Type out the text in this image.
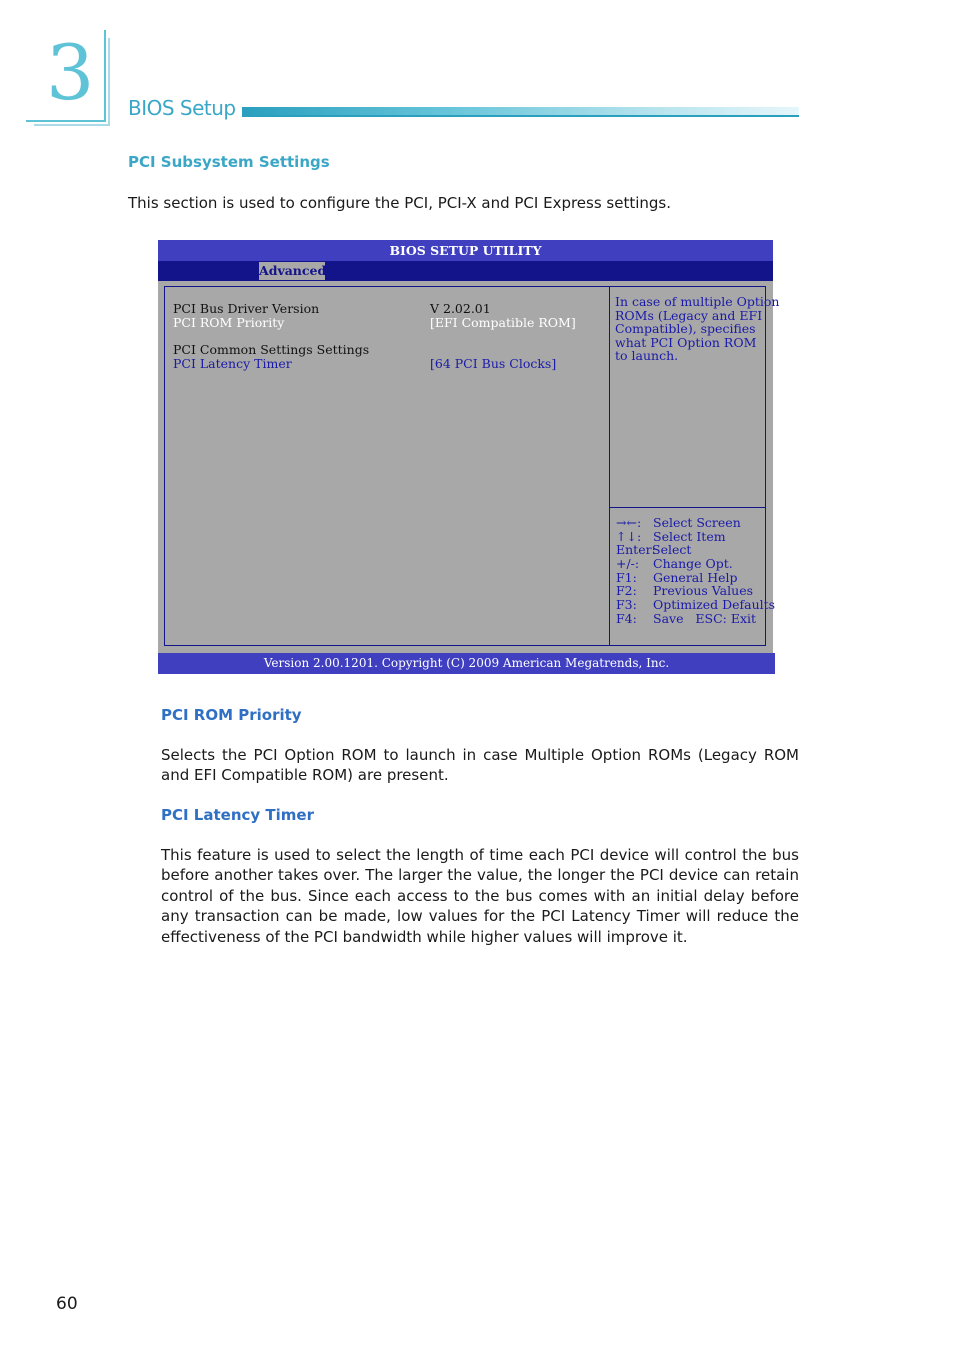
3 BIOS Setup
PCI Subsystem Settings

This section is used to configure the PCI, PCI-X and PCI Express settings.

BIOS SETUP UTILITY
Advanced
PCI Bus Driver Version	V 2.02.01
PCI ROM Priority	[EFI Compatible ROM]
PCI Common Settings Settings
PCI Latency Timer	[64 PCI Bus Clocks]
In case of multiple Option
ROMs (Legacy and EFI
Compatible), specifies
what PCI Option ROM
to launch.
→←: Select Screen
↑↓: Select Item
Enter:
Select
+/-: Change Opt.
F1: General Help
F2: Previous Values
F3: Optimized Defaults
F4: Save   ESC: Exit
Version 2.00.1201. Copyright (C) 2009 American Megatrends, Inc.
PCI ROM Priority

Selects the PCI Option ROM to launch in case Multiple Option ROMs (Legacy ROM and EFI Compatible ROM) are present.

PCI Latency Timer

This feature is used to select the length of time each PCI device will control the bus before another takes over. The larger the value, the longer the PCI device can retain control of the bus. Since each access to the bus comes with an initial delay before any transaction can be made, low values for the PCI Latency Timer will reduce the effectiveness of the PCI bandwidth while higher values will improve it.

60
